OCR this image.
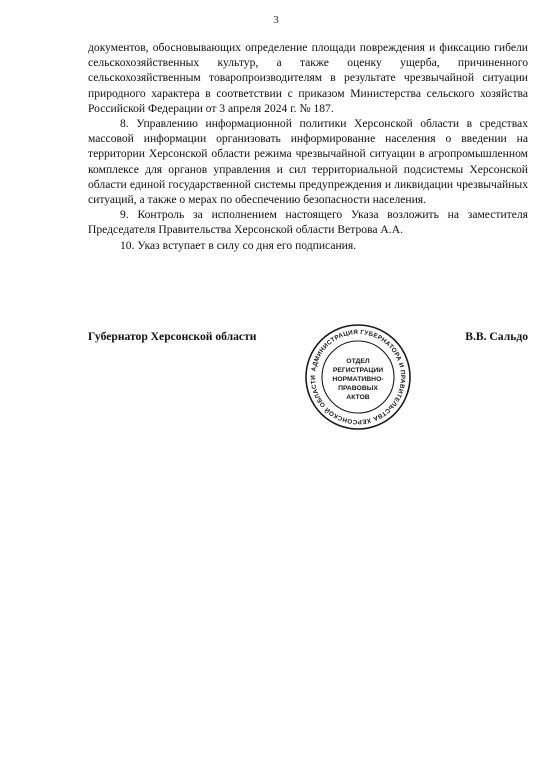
3

документов, обосновывающих определение площади повреждения и фиксацию гибели сельскохозяйственных культур, а также оценку ущерба, причиненного сельскохозяйственным товаропроизводителям в результате чрезвычайной ситуации природного характера в соответствии с приказом Министерства сельского хозяйства Российской Федерации от 3 апреля 2024 г. № 187.

8. Управлению информационной политики Херсонской области в средствах массовой информации организовать информирование населения о введении на территории Херсонской области режима чрезвычайной ситуации в агропромышленном комплексе для органов управления и сил территориальной подсистемы Херсонской области единой государственной системы предупреждения и ликвидации чрезвычайных ситуаций, а также о мерах по обеспечению безопасности населения.

9. Контроль за исполнением настоящего Указа возложить на заместителя Председателя Правительства Херсонской области Ветрова А.А.

10. Указ вступает в силу со дня его подписания.

Губернатор Херсонской области	В.В. Сальдо
АДМИНИСТРАЦИЯ ГУБЕРНАТОРА И ПРАВИТЕЛЬСТВА ХЕРСОНСКОЙ ОБЛАСТИ
ОТДЕЛ
РЕГИСТРАЦИИ
НОРМАТИВНО-
ПРАВОВЫХ
АКТОВ
